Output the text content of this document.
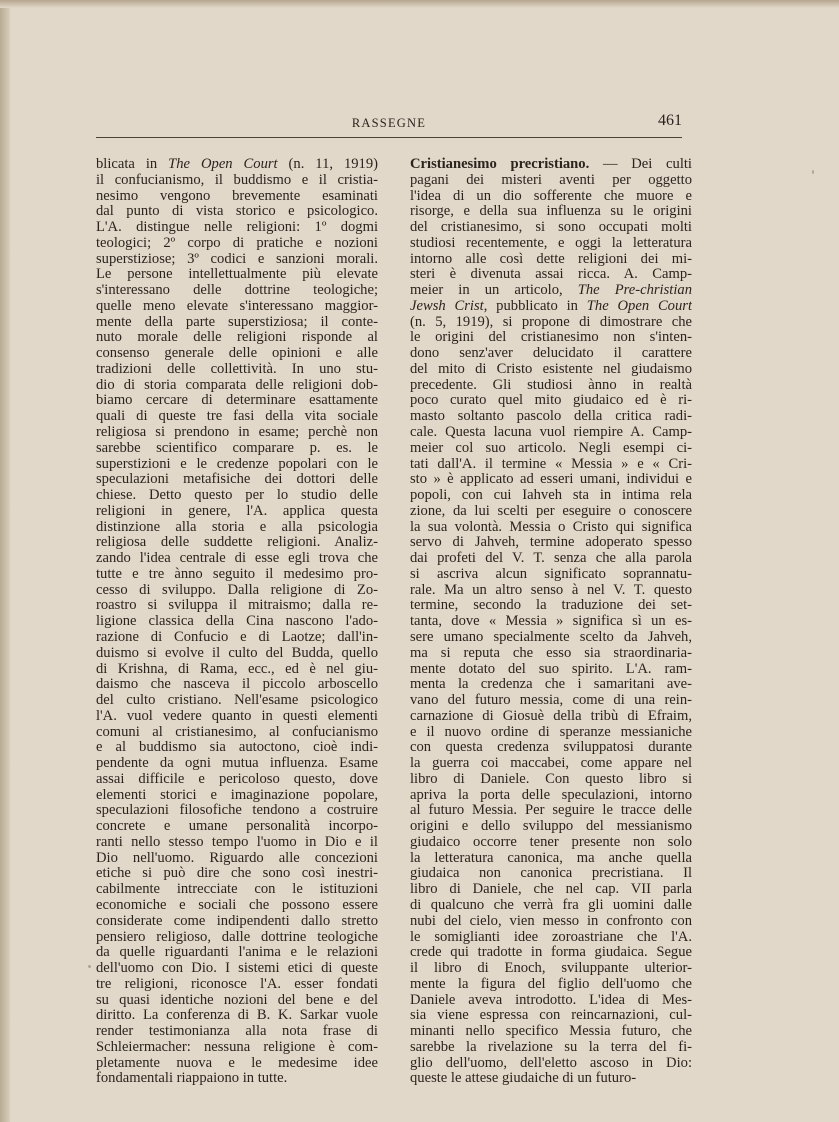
RASSEGNE	461
blicata in The Open Court (n. 11, 1919)
il confucianismo, il buddismo e il cristia-
nesimo vengono brevemente esaminati
dal punto di vista storico e psicologico.
L'A. distingue nelle religioni: 1º dogmi
teologici; 2º corpo di pratiche e nozioni
superstiziose; 3º codici e sanzioni morali.
Le persone intellettualmente più elevate
s'interessano delle dottrine teologiche;
quelle meno elevate s'interessano maggior-
mente della parte superstiziosa; il conte-
nuto morale delle religioni risponde al
consenso generale delle opinioni e alle
tradizioni delle collettività. In uno stu-
dio di storia comparata delle religioni dob-
biamo cercare di determinare esattamente
quali di queste tre fasi della vita sociale
religiosa si prendono in esame; perchè non
sarebbe scientifico comparare p. es. le
superstizioni e le credenze popolari con le
speculazioni metafisiche dei dottori delle
chiese. Detto questo per lo studio delle
religioni in genere, l'A. applica questa
distinzione alla storia e alla psicologia
religiosa delle suddette religioni. Analiz-
zando l'idea centrale di esse egli trova che
tutte e tre ànno seguito il medesimo pro-
cesso di sviluppo. Dalla religione di Zo-
roastro si sviluppa il mitraismo; dalla re-
ligione classica della Cina nascono l'ado-
razione di Confucio e di Laotze; dall'in-
duismo si evolve il culto del Budda, quello
di Krishna, di Rama, ecc., ed è nel giu-
daismo che nasceva il piccolo arboscello
del culto cristiano. Nell'esame psicologico
l'A. vuol vedere quanto in questi elementi
comuni al cristianesimo, al confucianismo
e al buddismo sia autoctono, cioè indi-
pendente da ogni mutua influenza. Esame
assai difficile e pericoloso questo, dove
elementi storici e imaginazione popolare,
speculazioni filosofiche tendono a costruire
concrete e umane personalità incorpo-
ranti nello stesso tempo l'uomo in Dio e il
Dio nell'uomo. Riguardo alle concezioni
etiche si può dire che sono così inestri-
cabilmente intrecciate con le istituzioni
economiche e sociali che possono essere
considerate come indipendenti dallo stretto
pensiero religioso, dalle dottrine teologiche
da quelle riguardanti l'anima e le relazioni
dell'uomo con Dio. I sistemi etici di queste
tre religioni, riconosce l'A. esser fondati
su quasi identiche nozioni del bene e del
diritto. La conferenza di B. K. Sarkar vuole
render testimonianza alla nota frase di
Schleiermacher: nessuna religione è com-
pletamente nuova e le medesime idee
fondamentali riappaiono in tutte.
Cristianesimo precristiano. — Dei culti
pagani dei misteri aventi per oggetto
l'idea di un dio sofferente che muore e
risorge, e della sua influenza su le origini
del cristianesimo, si sono occupati molti
studiosi recentemente, e oggi la letteratura
intorno alle così dette religioni dei mi-
steri è divenuta assai ricca. A. Camp-
meier in un articolo, The Pre-christian
Jewsh Crist, pubblicato in The Open Court
(n. 5, 1919), si propone di dimostrare che
le origini del cristianesimo non s'inten-
dono senz'aver delucidato il carattere
del mito di Cristo esistente nel giudaismo
precedente. Gli studiosi ànno in realtà
poco curato quel mito giudaico ed è ri-
masto soltanto pascolo della critica radi-
cale. Questa lacuna vuol riempire A. Camp-
meier col suo articolo. Negli esempi ci-
tati dall'A. il termine « Messia » e « Cri-
sto » è applicato ad esseri umani, individui e
popoli, con cui Iahveh sta in intima rela
zione, da lui scelti per eseguire o conoscere
la sua volontà. Messia o Cristo qui significa
servo di Jahveh, termine adoperato spesso
dai profeti del V. T. senza che alla parola
si ascriva alcun significato soprannatu-
rale. Ma un altro senso à nel V. T. questo
termine, secondo la traduzione dei set-
tanta, dove « Messia » significa sì un es-
sere umano specialmente scelto da Jahveh,
ma si reputa che esso sia straordinaria-
mente dotato del suo spirito. L'A. ram-
menta la credenza che i samaritani ave-
vano del futuro messia, come di una rein-
carnazione di Giosuè della tribù di Efraim,
e il nuovo ordine di speranze messianiche
con questa credenza sviluppatosi durante
la guerra coi maccabei, come appare nel
libro di Daniele. Con questo libro si
apriva la porta delle speculazioni, intorno
al futuro Messia. Per seguire le tracce delle
origini e dello sviluppo del messianismo
giudaico occorre tener presente non solo
la letteratura canonica, ma anche quella
giudaica non canonica precristiana. Il
libro di Daniele, che nel cap. VII parla
di qualcuno che verrà fra gli uomini dalle
nubi del cielo, vien messo in confronto con
le somiglianti idee zoroastriane che l'A.
crede qui tradotte in forma giudaica. Segue
il libro di Enoch, sviluppante ulterior-
mente la figura del figlio dell'uomo che
Daniele aveva introdotto. L'idea di Mes-
sia viene espressa con reincarnazioni, cul-
minanti nello specifico Messia futuro, che
sarebbe la rivelazione su la terra del fi-
glio dell'uomo, dell'eletto ascoso in Dio:
queste le attese giudaiche di un futuro-
